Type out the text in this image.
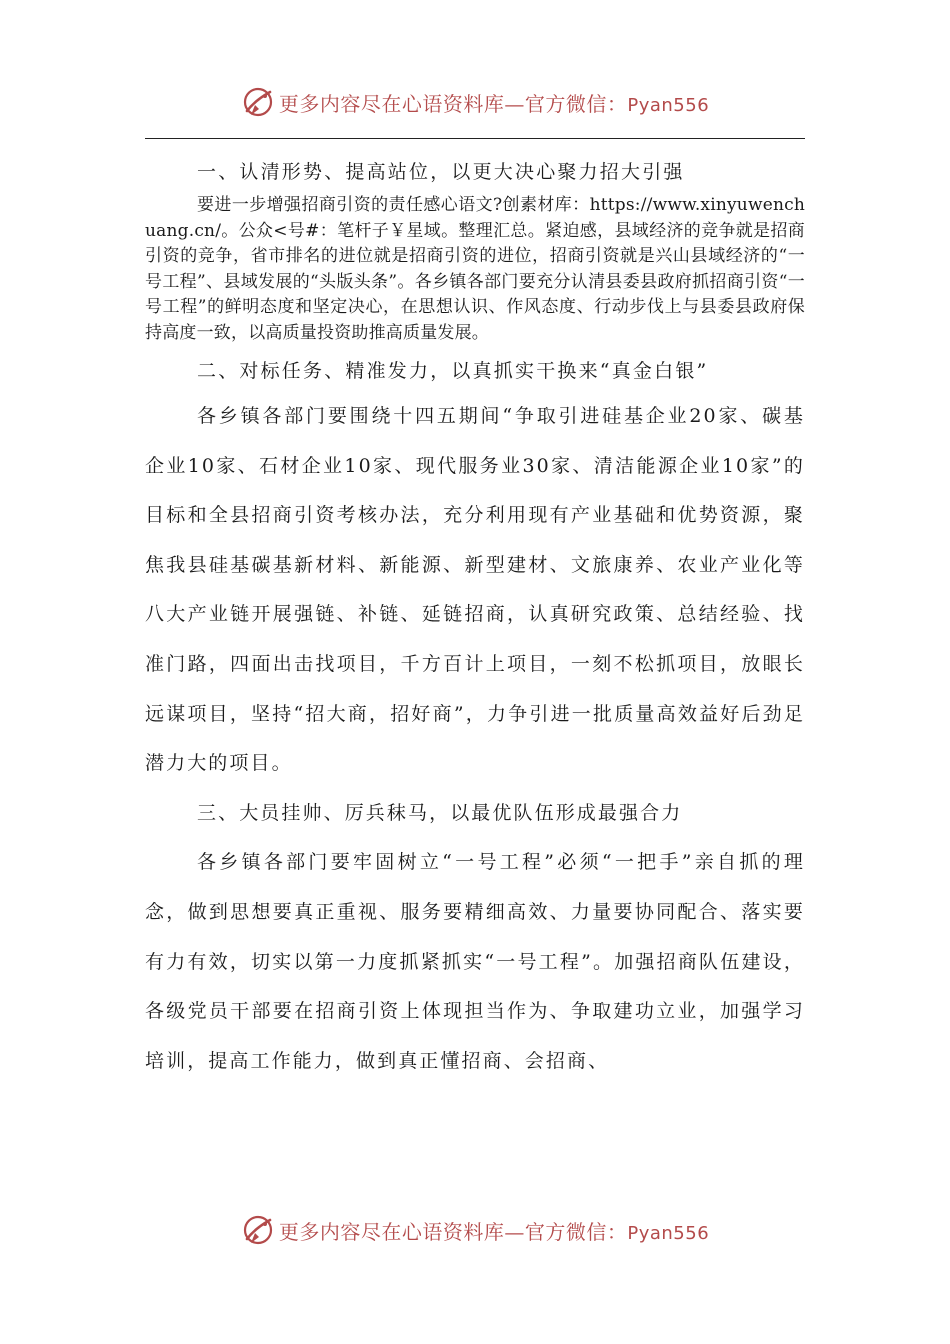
更多内容尽在心语资料库—官方微信：Pyan556

一、认清形势、提高站位，以更大决心聚力招大引强

要进一步增强招商引资的责任感心语文?创素材库：https://www.xinyuwenchuang.cn/。公众<号#：笔杆子￥星域。整理汇总。紧迫感，县域经济的竞争就是招商引资的竞争，省市排名的进位就是招商引资的进位，招商引资就是兴山县域经济的“一号工程”、县域发展的“头版头条”。各乡镇各部门要充分认清县委县政府抓招商引资“一号工程”的鲜明态度和坚定决心，在思想认识、作风态度、行动步伐上与县委县政府保持高度一致，以高质量投资助推高质量发展。

二、对标任务、精准发力，以真抓实干换来“真金白银”

各乡镇各部门要围绕十四五期间“争取引进硅基企业20家、碳基企业10家、石材企业10家、现代服务业30家、清洁能源企业10家”的目标和全县招商引资考核办法，充分利用现有产业基础和优势资源，聚焦我县硅基碳基新材料、新能源、新型建材、文旅康养、农业产业化等八大产业链开展强链、补链、延链招商，认真研究政策、总结经验、找准门路，四面出击找项目，千方百计上项目，一刻不松抓项目，放眼长远谋项目，坚持“招大商，招好商”，力争引进一批质量高效益好后劲足潜力大的项目。

三、大员挂帅、厉兵秣马，以最优队伍形成最强合力

各乡镇各部门要牢固树立“一号工程”必须“一把手”亲自抓的理念，做到思想要真正重视、服务要精细高效、力量要协同配合、落实要有力有效，切实以第一力度抓紧抓实“一号工程”。加强招商队伍建设，各级党员干部要在招商引资上体现担当作为、争取建功立业，加强学习培训，提高工作能力，做到真正懂招商、会招商、

更多内容尽在心语资料库—官方微信：Pyan556
